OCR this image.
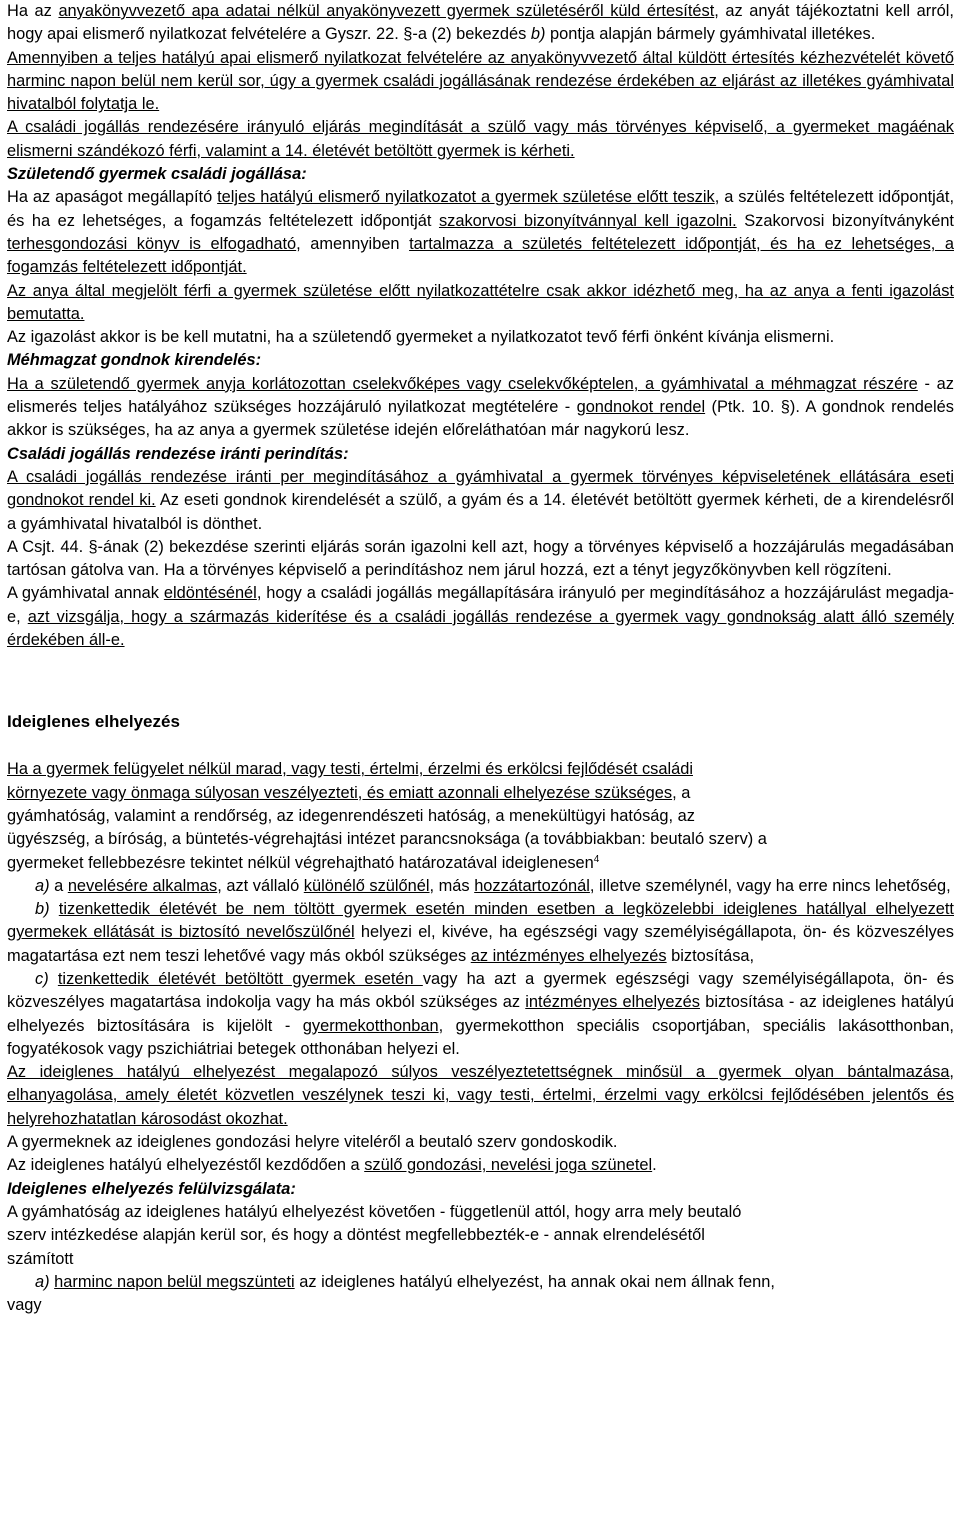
Ha az anyakönyvvezető apa adatai nélkül anyakönyvezett gyermek születéséről küld értesítést, az anyát tájékoztatni kell arról, hogy apai elismerő nyilatkozat felvételére a Gyszr. 22. §-a (2) bekezdés b) pontja alapján bármely gyámhivatal illetékes.

Amennyiben a teljes hatályú apai elismerő nyilatkozat felvételére az anyakönyvvezető által küldött értesítés kézhezvételét követő harminc napon belül nem kerül sor, úgy a gyermek családi jogállásának rendezése érdekében az eljárást az illetékes gyámhivatal hivatalból folytatja le.

A családi jogállás rendezésére irányuló eljárás megindítását a szülő vagy más törvényes képviselő, a gyermeket magáénak elismerni szándékozó férfi, valamint a 14. életévét betöltött gyermek is kérheti.

Születendő gyermek családi jogállása:

Ha az apaságot megállapító teljes hatályú elismerő nyilatkozatot a gyermek születése előtt teszik, a szülés feltételezett időpontját, és ha ez lehetséges, a fogamzás feltételezett időpontját szakorvosi bizonyítvánnyal kell igazolni. Szakorvosi bizonyítványként terhesgondozási könyv is elfogadható, amennyiben tartalmazza a születés feltételezett időpontját, és ha ez lehetséges, a fogamzás feltételezett időpontját.

Az anya által megjelölt férfi a gyermek születése előtt nyilatkozattételre csak akkor idézhető meg, ha az anya a fenti igazolást bemutatta.

Az igazolást akkor is be kell mutatni, ha a születendő gyermeket a nyilatkozatot tevő férfi önként kívánja elismerni.

Méhmagzat gondnok kirendelés:

Ha a születendő gyermek anyja korlátozottan cselekvőképes vagy cselekvőképtelen, a gyámhivatal a méhmagzat részére - az elismerés teljes hatályához szükséges hozzájáruló nyilatkozat megtételére - gondnokot rendel (Ptk. 10. §). A gondnok rendelés akkor is szükséges, ha az anya a gyermek születése idején előreláthatóan már nagykorú lesz.

Családi jogállás rendezése iránti perindítás:

A családi jogállás rendezése iránti per megindításához a gyámhivatal a gyermek törvényes képviseletének ellátására eseti gondnokot rendel ki. Az eseti gondnok kirendelését a szülő, a gyám és a 14. életévét betöltött gyermek kérheti, de a kirendelésről a gyámhivatal hivatalból is dönthet.

A Csjt. 44. §-ának (2) bekezdése szerinti eljárás során igazolni kell azt, hogy a törvényes képviselő a hozzájárulás megadásában tartósan gátolva van. Ha a törvényes képviselő a perindításhoz nem járul hozzá, ezt a tényt jegyzőkönyvben kell rögzíteni.

A gyámhivatal annak eldöntésénél, hogy a családi jogállás megállapítására irányuló per megindításához a hozzájárulást megadja-e, azt vizsgálja, hogy a származás kiderítése és a családi jogállás rendezése a gyermek vagy gondnokság alatt álló személy érdekében áll-e.

Ideiglenes elhelyezés

Ha a gyermek felügyelet nélkül marad, vagy testi, értelmi, érzelmi és erkölcsi fejlődését családi
környezete vagy önmaga súlyosan veszélyezteti, és emiatt azonnali elhelyezése szükséges, a
gyámhatóság, valamint a rendőrség, az idegenrendészeti hatóság, a menekültügyi hatóság, az
ügyészség, a bíróság, a büntetés-végrehajtási intézet parancsnoksága (a továbbiakban: beutaló szerv) a
gyermeket fellebbezésre tekintet nélkül végrehajtható határozatával ideiglenesen$^4$

a) a nevelésére alkalmas, azt vállaló különélő szülőnél, más hozzátartozónál, illetve személynél, vagy ha erre nincs lehetőség,

b) tizenkettedik életévét be nem töltött gyermek esetén minden esetben a legközelebbi ideiglenes hatállyal elhelyezett gyermekek ellátását is biztosító nevelőszülőnél helyezi el, kivéve, ha egészségi vagy személyiségállapota, ön- és közveszélyes magatartása ezt nem teszi lehetővé vagy más okból szükséges az intézményes elhelyezés biztosítása,

c) tizenkettedik életévét betöltött gyermek esetén vagy ha azt a gyermek egészségi vagy személyiségállapota, ön- és közveszélyes magatartása indokolja vagy ha más okból szükséges az intézményes elhelyezés biztosítása - az ideiglenes hatályú elhelyezés biztosítására is kijelölt - gyermekotthonban, gyermekotthon speciális csoportjában, speciális lakásotthonban, fogyatékosok vagy pszichiátriai betegek otthonában helyezi el.

Az ideiglenes hatályú elhelyezést megalapozó súlyos veszélyeztetettségnek minősül a gyermek olyan bántalmazása, elhanyagolása, amely életét közvetlen veszélynek teszi ki, vagy testi, értelmi, érzelmi vagy erkölcsi fejlődésében jelentős és helyrehozhatatlan károsodást okozhat.

A gyermeknek az ideiglenes gondozási helyre viteléről a beutaló szerv gondoskodik.

Az ideiglenes hatályú elhelyezéstől kezdődően a szülő gondozási, nevelési joga szünetel.

Ideiglenes elhelyezés felülvizsgálata:

A gyámhatóság az ideiglenes hatályú elhelyezést követően - függetlenül attól, hogy arra mely beutaló
szerv intézkedése alapján kerül sor, és hogy a döntést megfellebbezték-e - annak elrendelésétől
számított

a) harminc napon belül megszünteti az ideiglenes hatályú elhelyezést, ha annak okai nem állnak fenn,
vagy
